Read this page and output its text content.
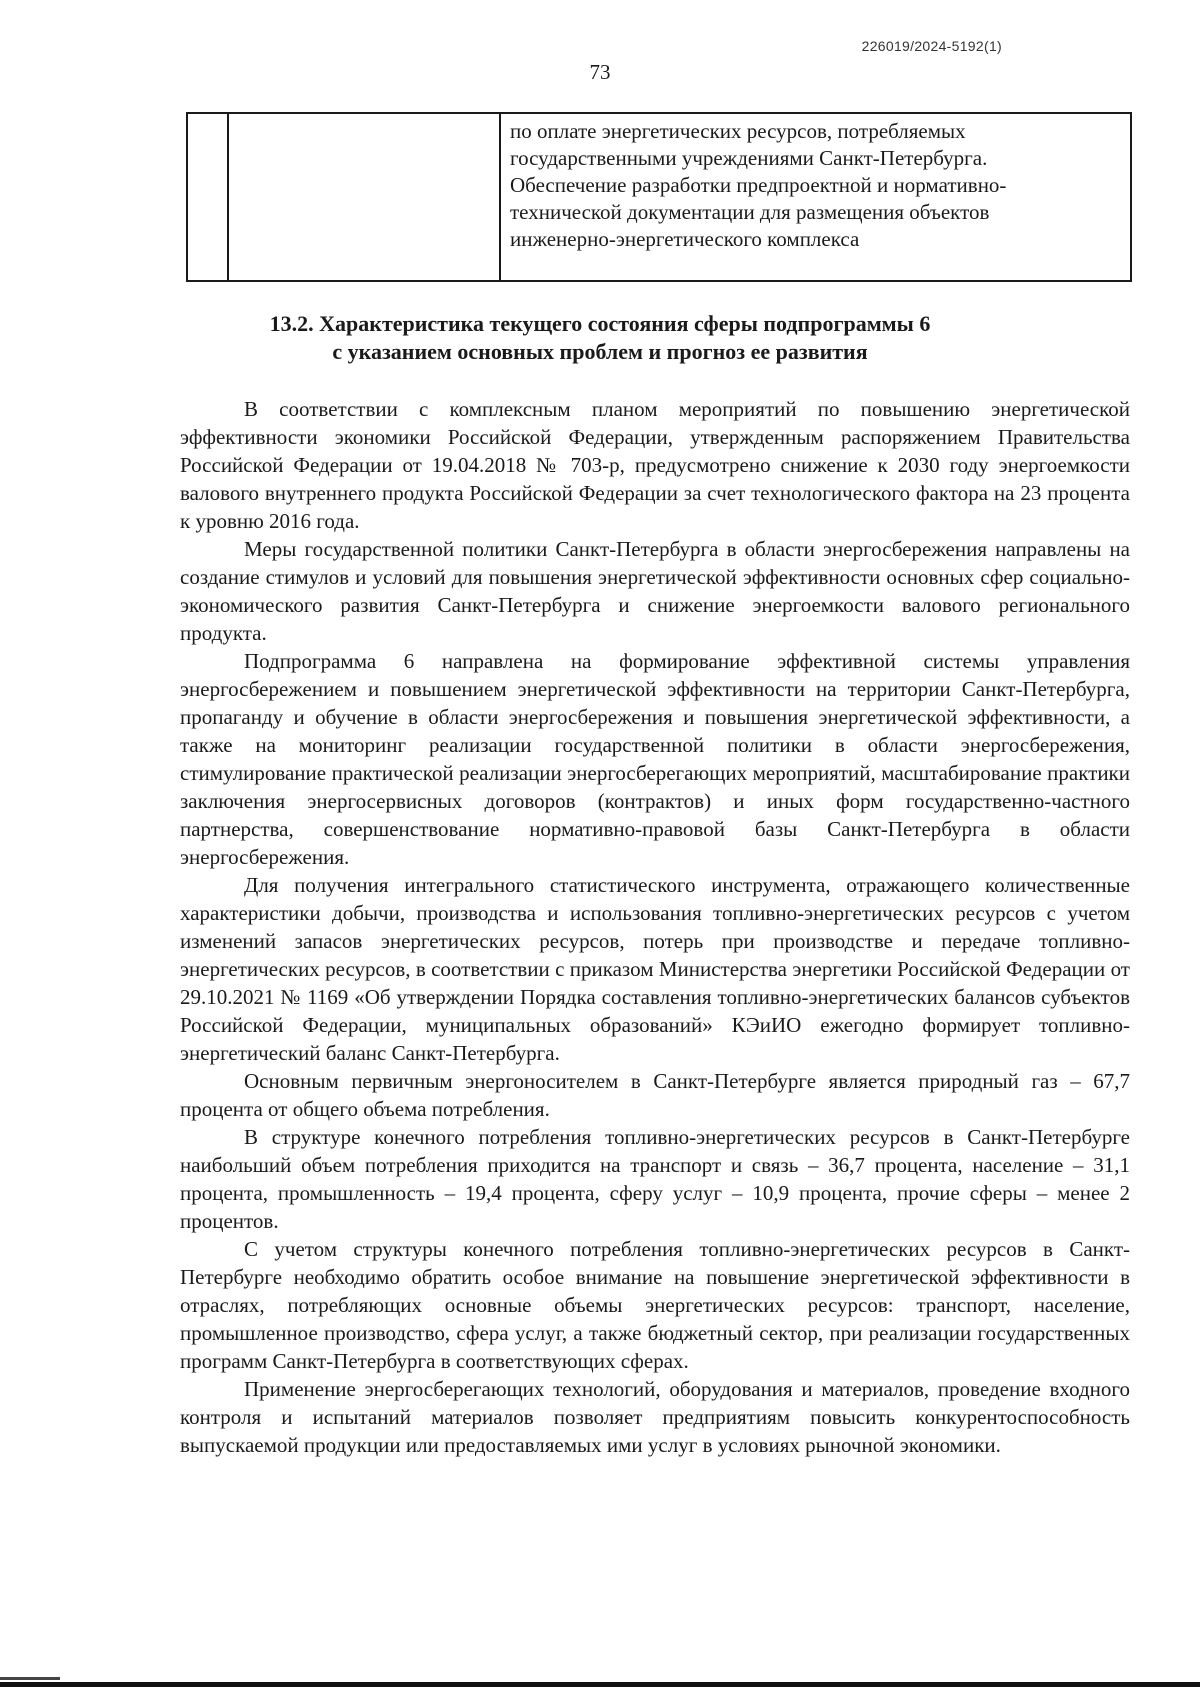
226019/2024-5192(1)
73
по оплате энергетических ресурсов, потребляемых
государственными учреждениями Санкт-Петербурга.
Обеспечение разработки предпроектной и нормативно-
технической документации для размещения объектов
инженерно-энергетического комплекса
13.2. Характеристика текущего состояния сферы подпрограммы 6
с указанием основных проблем и прогноз ее развития

В соответствии с комплексным планом мероприятий по повышению энергетической эффективности экономики Российской Федерации, утвержденным распоряжением Правительства Российской Федерации от 19.04.2018 № 703-р, предусмотрено снижение к 2030 году энергоемкости валового внутреннего продукта Российской Федерации за счет технологического фактора на 23 процента к уровню 2016 года.

Меры государственной политики Санкт-Петербурга в области энергосбережения направлены на создание стимулов и условий для повышения энергетической эффективности основных сфер социально-экономического развития Санкт-Петербурга и снижение энергоемкости валового регионального продукта.

Подпрограмма 6 направлена на формирование эффективной системы управления энергосбережением и повышением энергетической эффективности на территории Санкт-Петербурга, пропаганду и обучение в области энергосбережения и повышения энергетической эффективности, а также на мониторинг реализации государственной политики в области энергосбережения, стимулирование практической реализации энергосберегающих мероприятий, масштабирование практики заключения энергосервисных договоров (контрактов) и иных форм государственно-частного партнерства, совершенствование нормативно-правовой базы Санкт-Петербурга в области энергосбережения.

Для получения интегрального статистического инструмента, отражающего количественные характеристики добычи, производства и использования топливно-энергетических ресурсов с учетом изменений запасов энергетических ресурсов, потерь при производстве и передаче топливно-энергетических ресурсов, в соответствии с приказом Министерства энергетики Российской Федерации от 29.10.2021 № 1169 «Об утверждении Порядка составления топливно-энергетических балансов субъектов Российской Федерации, муниципальных образований» КЭиИО ежегодно формирует топливно-энергетический баланс Санкт-Петербурга.

Основным первичным энергоносителем в Санкт-Петербурге является природный газ – 67,7 процента от общего объема потребления.

В структуре конечного потребления топливно-энергетических ресурсов в Санкт-Петербурге наибольший объем потребления приходится на транспорт и связь – 36,7 процента, население – 31,1 процента, промышленность – 19,4 процента, сферу услуг – 10,9 процента, прочие сферы – менее 2 процентов.

С учетом структуры конечного потребления топливно-энергетических ресурсов в Санкт-Петербурге необходимо обратить особое внимание на повышение энергетической эффективности в отраслях, потребляющих основные объемы энергетических ресурсов: транспорт, население, промышленное производство, сфера услуг, а также бюджетный сектор, при реализации государственных программ Санкт-Петербурга в соответствующих сферах.

Применение энергосберегающих технологий, оборудования и материалов, проведение входного контроля и испытаний материалов позволяет предприятиям повысить конкурентоспособность выпускаемой продукции или предоставляемых ими услуг в условиях рыночной экономики.
